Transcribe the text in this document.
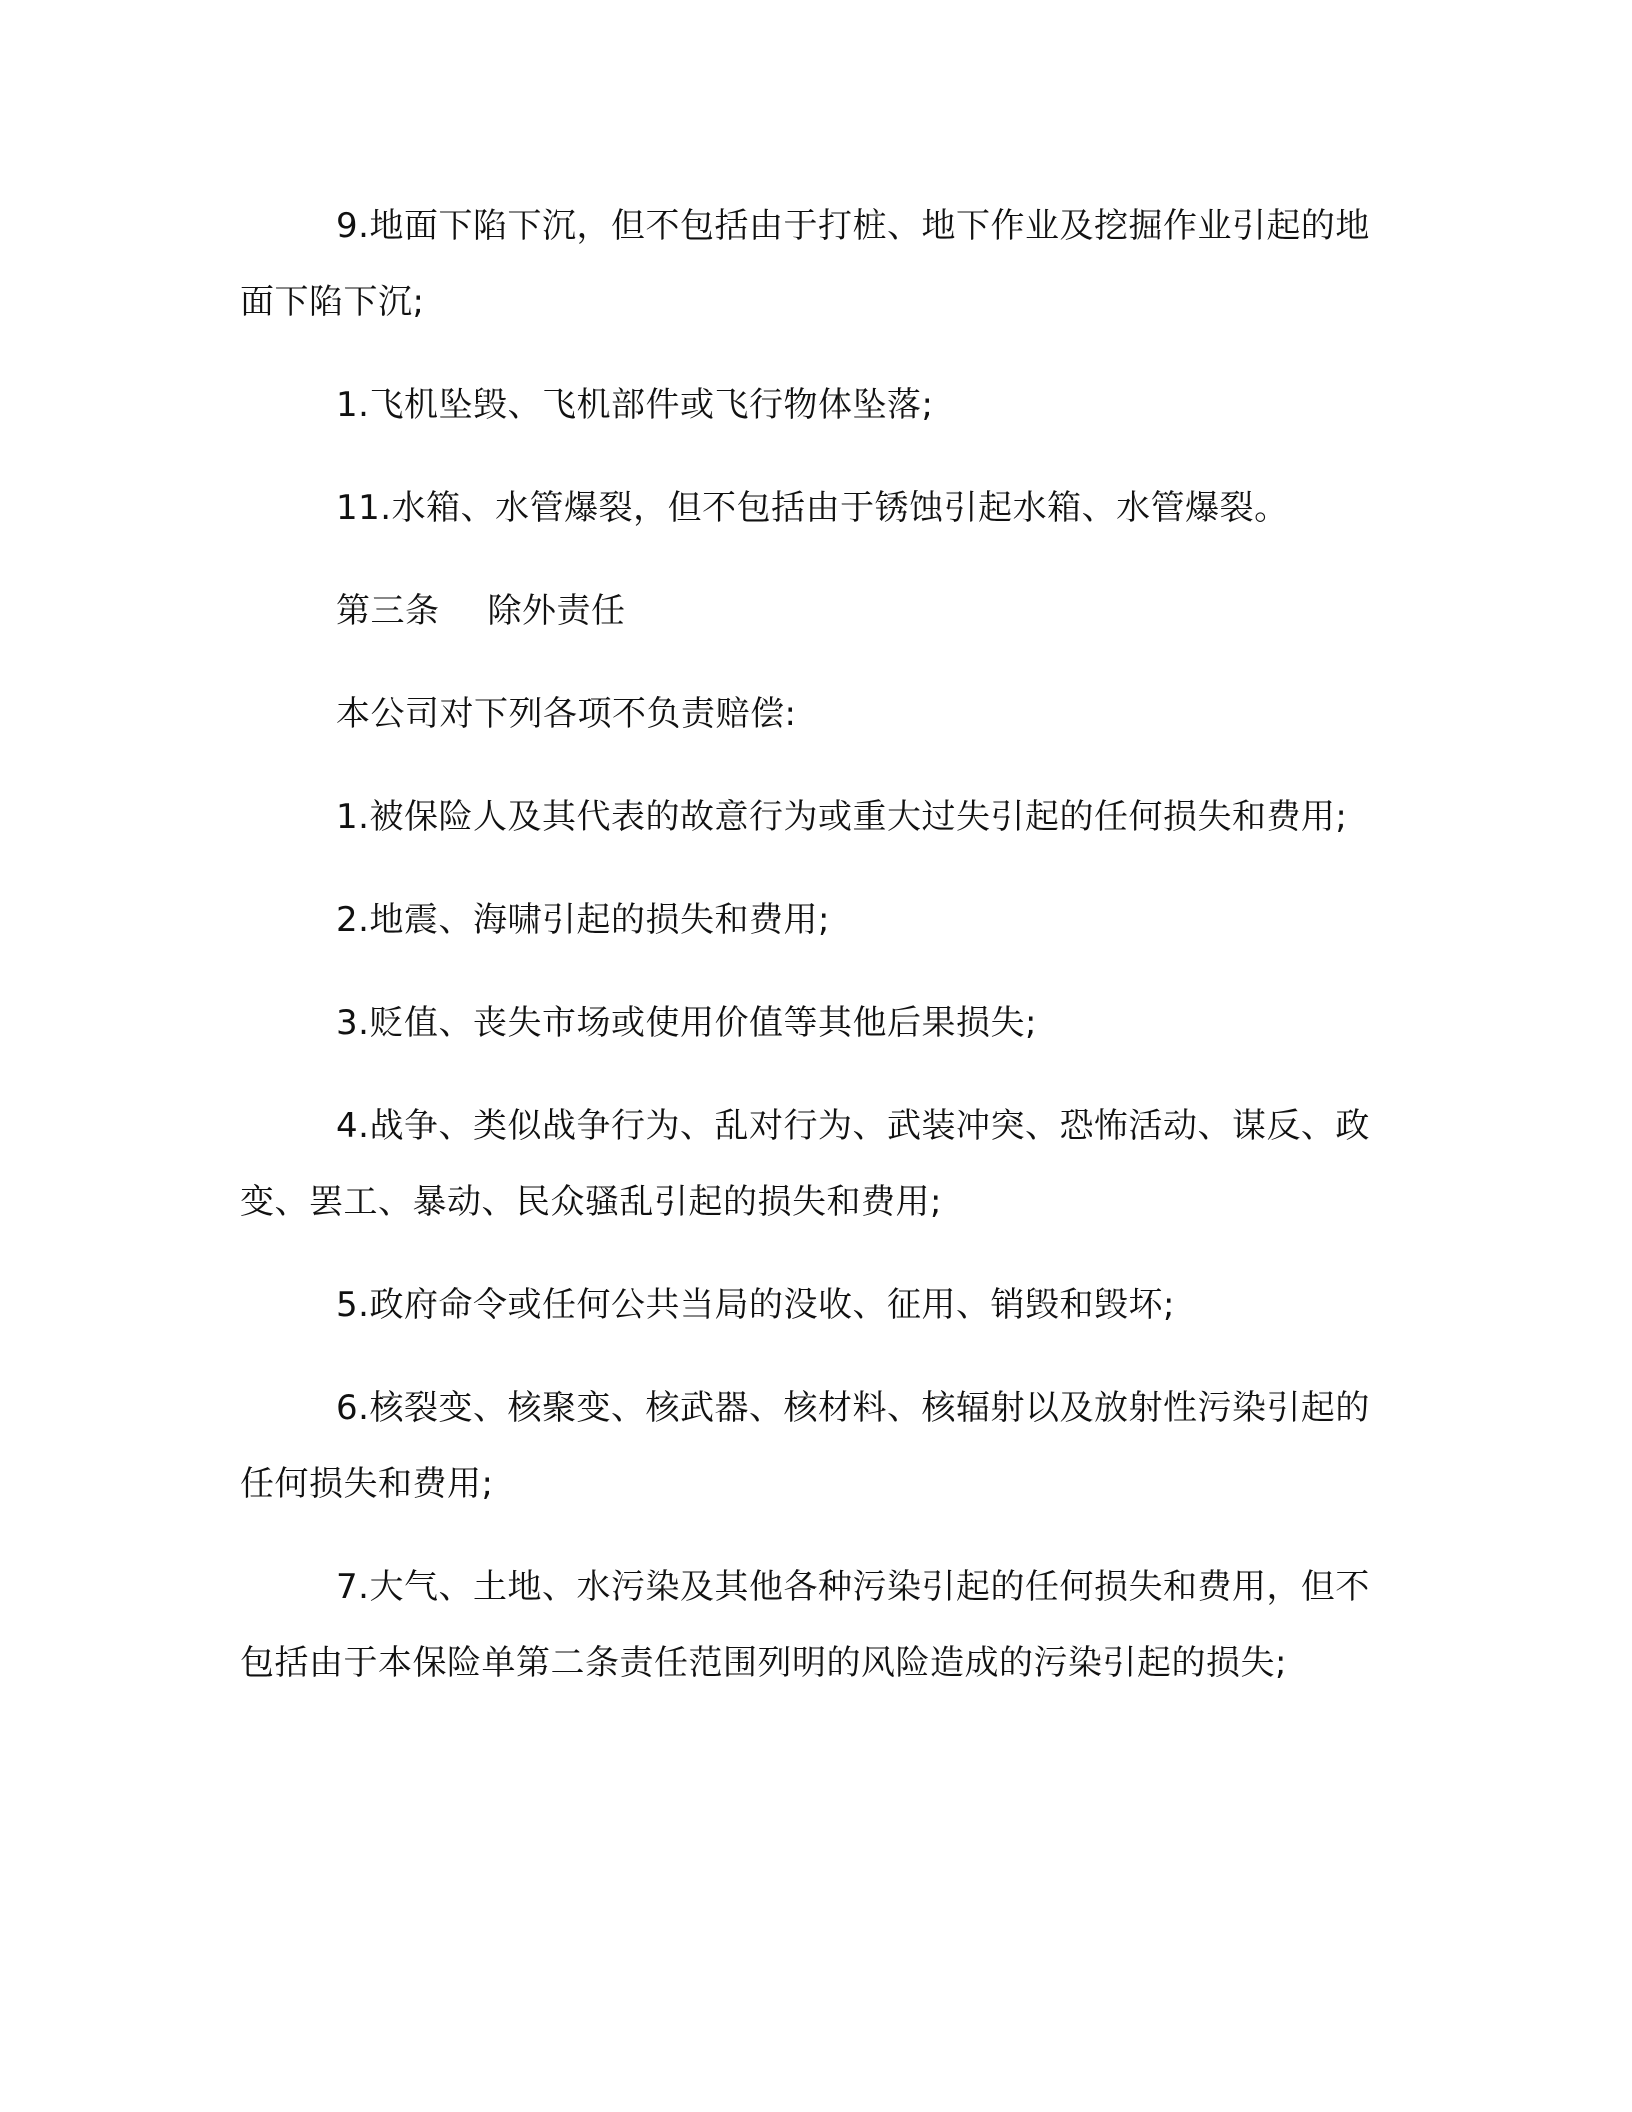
9.地面下陷下沉，但不包括由于打桩、地下作业及挖掘作业引起的地面下陷下沉;

1.飞机坠毁、飞机部件或飞行物体坠落;

11.水箱、水管爆裂，但不包括由于锈蚀引起水箱、水管爆裂。

第三条 除外责任

本公司对下列各项不负责赔偿:

1.被保险人及其代表的故意行为或重大过失引起的任何损失和费用;

2.地震、海啸引起的损失和费用;

3.贬值、丧失市场或使用价值等其他后果损失;

4.战争、类似战争行为、乱对行为、武装冲突、恐怖活动、谋反、政变、罢工、暴动、民众骚乱引起的损失和费用;

5.政府命令或任何公共当局的没收、征用、销毁和毁坏;

6.核裂变、核聚变、核武器、核材料、核辐射以及放射性污染引起的任何损失和费用;

7.大气、土地、水污染及其他各种污染引起的任何损失和费用，但不包括由于本保险单第二条责任范围列明的风险造成的污染引起的损失;
